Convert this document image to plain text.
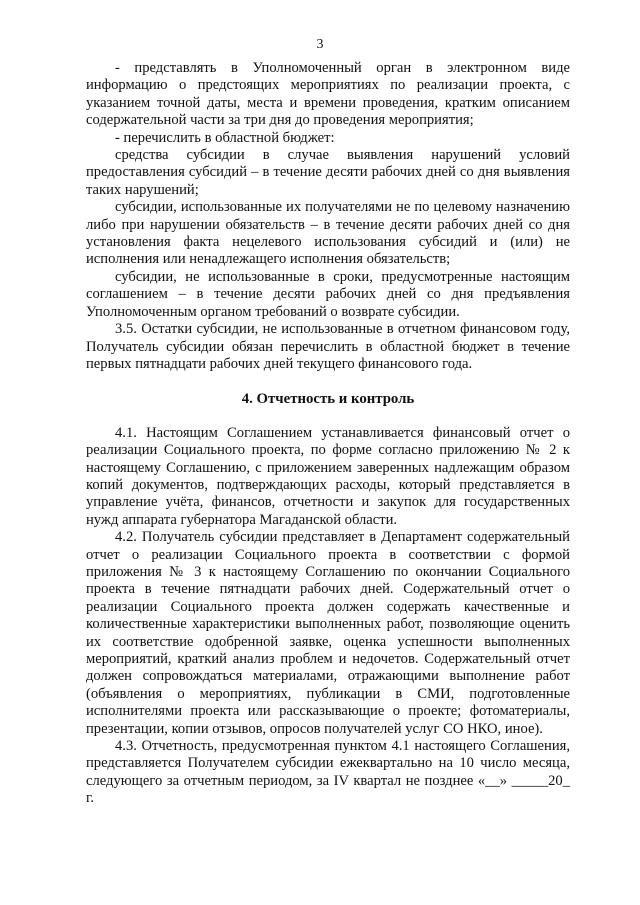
3

- представлять в Уполномоченный орган в электронном виде информацию о предстоящих мероприятиях по реализации проекта, с указанием точной даты, места и времени проведения, кратким описанием содержательной части за три дня до проведения мероприятия;

- перечислить в областной бюджет:

средства субсидии в случае выявления нарушений условий предоставления субсидий – в течение десяти рабочих дней со дня выявления таких нарушений;

субсидии, использованные их получателями не по целевому назначению либо при нарушении обязательств – в течение десяти рабочих дней со дня установления факта нецелевого использования субсидий и (или) не исполнения или ненадлежащего исполнения обязательств;

субсидии, не использованные в сроки, предусмотренные настоящим соглашением – в течение десяти рабочих дней со дня предъявления Уполномоченным органом требований о возврате субсидии.

3.5. Остатки субсидии, не использованные в отчетном финансовом году, Получатель субсидии обязан перечислить в областной бюджет в течение первых пятнадцати рабочих дней текущего финансового года.

4. Отчетность и контроль

4.1. Настоящим Соглашением устанавливается финансовый отчет о реализации Социального проекта, по форме согласно приложению № 2 к настоящему Соглашению, с приложением заверенных надлежащим образом копий документов, подтверждающих расходы, который представляется в управление учёта, финансов, отчетности и закупок для государственных нужд аппарата губернатора Магаданской области.

4.2. Получатель субсидии представляет в Департамент содержательный отчет о реализации Социального проекта в соответствии с формой приложения № 3 к настоящему Соглашению по окончании Социального проекта в течение пятнадцати рабочих дней. Содержательный отчет о реализации Социального проекта должен содержать качественные и количественные характеристики выполненных работ, позволяющие оценить их соответствие одобренной заявке, оценка успешности выполненных мероприятий, краткий анализ проблем и недочетов. Содержательный отчет должен сопровождаться материалами, отражающими выполнение работ (объявления о мероприятиях, публикации в СМИ, подготовленные исполнителями проекта или рассказывающие о проекте; фотоматериалы, презентации, копии отзывов, опросов получателей услуг СО НКО, иное).

4.3. Отчетность, предусмотренная пунктом 4.1 настоящего Соглашения, представляется Получателем субсидии ежеквартально на 10 число месяца, следующего за отчетным периодом, за IV квартал не позднее «__» _____20_ г.
